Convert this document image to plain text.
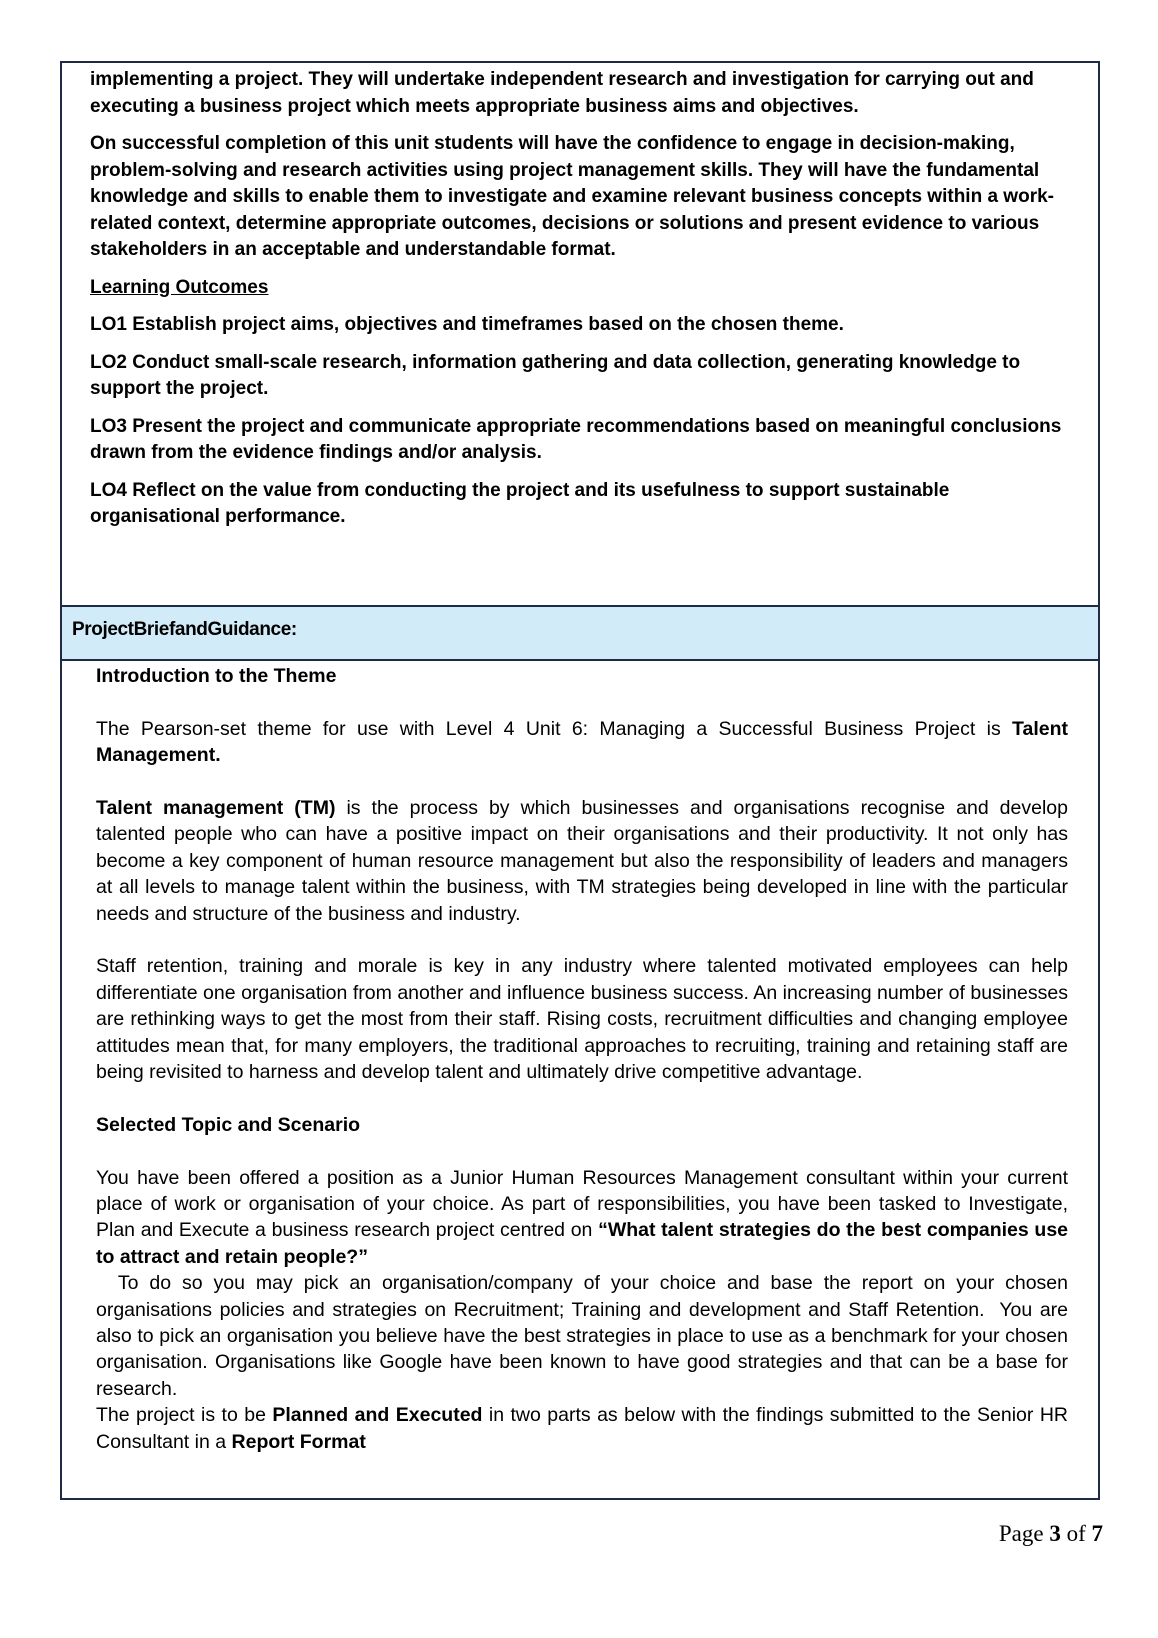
implementing a project. They will undertake independent research and investigation for carrying out and executing a business project which meets appropriate business aims and objectives.

On successful completion of this unit students will have the confidence to engage in decision-making, problem-solving and research activities using project management skills. They will have the fundamental knowledge and skills to enable them to investigate and examine relevant business concepts within a work-related context, determine appropriate outcomes, decisions or solutions and present evidence to various stakeholders in an acceptable and understandable format.

Learning Outcomes

LO1 Establish project aims, objectives and timeframes based on the chosen theme.

LO2 Conduct small-scale research, information gathering and data collection, generating knowledge to support the project.

LO3 Present the project and communicate appropriate recommendations based on meaningful conclusions drawn from the evidence findings and/or analysis.

LO4 Reflect on the value from conducting the project and its usefulness to support sustainable organisational performance.

ProjectBriefandGuidance:

Introduction to the Theme

The Pearson-set theme for use with Level 4 Unit 6: Managing a Successful Business Project is Talent Management.

Talent management (TM) is the process by which businesses and organisations recognise and develop talented people who can have a positive impact on their organisations and their productivity. It not only has become a key component of human resource management but also the responsibility of leaders and managers at all levels to manage talent within the business, with TM strategies being developed in line with the particular needs and structure of the business and industry.

Staff retention, training and morale is key in any industry where talented motivated employees can help differentiate one organisation from another and influence business success. An increasing number of businesses are rethinking ways to get the most from their staff. Rising costs, recruitment difficulties and changing employee attitudes mean that, for many employers, the traditional approaches to recruiting, training and retaining staff are being revisited to harness and develop talent and ultimately drive competitive advantage.

Selected Topic and Scenario

You have been offered a position as a Junior Human Resources Management consultant within your current place of work or organisation of your choice. As part of responsibilities, you have been tasked to Investigate, Plan and Execute a business research project centred on “What talent strategies do the best companies use to attract and retain people?”

To do so you may pick an organisation/company of your choice and base the report on your chosen organisations policies and strategies on Recruitment; Training and development and Staff Retention.  You are also to pick an organisation you believe have the best strategies in place to use as a benchmark for your chosen organisation. Organisations like Google have been known to have good strategies and that can be a base for research.

The project is to be Planned and Executed in two parts as below with the findings submitted to the Senior HR Consultant in a Report Format

Page 3 of 7
